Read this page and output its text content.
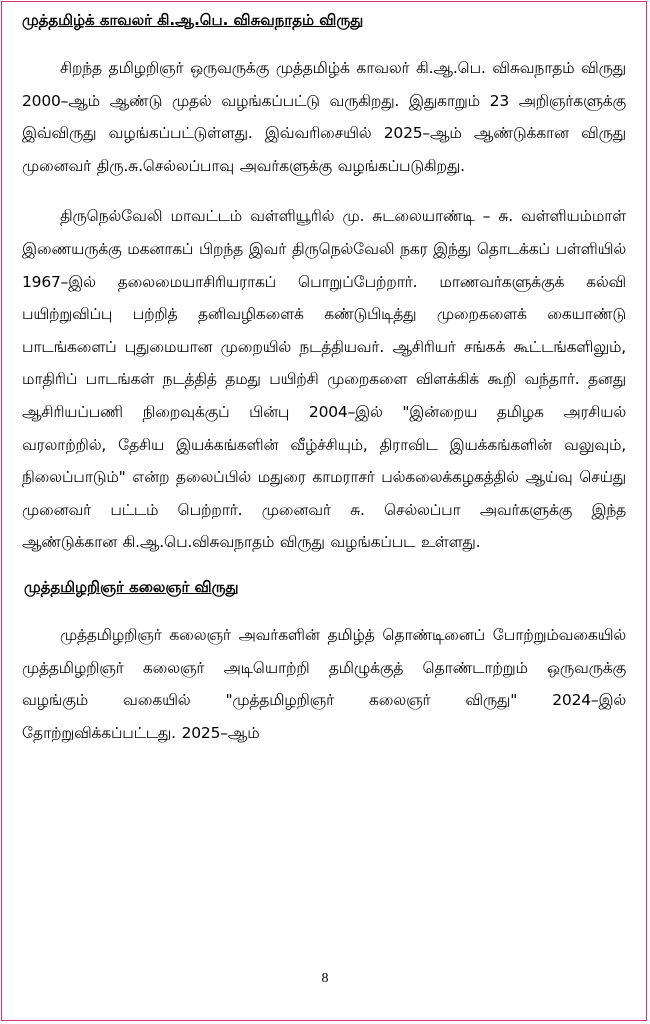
முத்தமிழ்க் காவலர் கி.ஆ.பெ. விசுவநாதம் விருது

சிறந்த தமிழறிஞர் ஒருவருக்கு முத்தமிழ்க் காவலர் கி.ஆ.பெ. விசுவநாதம் விருது 2000–ஆம் ஆண்டு முதல் வழங்கப்பட்டு வருகிறது. இதுகாறும் 23 அறிஞர்களுக்கு இவ்விருது வழங்கப்பட்டுள்ளது. இவ்வரிசையில் 2025–ஆம் ஆண்டுக்கான விருது முனைவர் திரு.சு.செல்லப்பாவு அவர்களுக்கு வழங்கப்படுகிறது.

திருநெல்வேலி மாவட்டம் வள்ளியூரில் மு. சுடலையாண்டி – சு. வள்ளியம்மாள் இணையருக்கு மகனாகப் பிறந்த இவர் திருநெல்வேலி நகர இந்து தொடக்கப் பள்ளியில் 1967–இல் தலைமையாசிரியராகப் பொறுப்பேற்றார். மாணவர்களுக்குக் கல்வி பயிற்றுவிப்பு பற்றித் தனிவழிகளைக் கண்டுபிடித்து முறைகளைக் கையாண்டு பாடங்களைப் புதுமையான முறையில் நடத்தியவர். ஆசிரியர் சங்கக் கூட்டங்களிலும், மாதிரிப் பாடங்கள் நடத்தித் தமது பயிற்சி முறைகளை விளக்கிக் கூறி வந்தார். தனது ஆசிரியப்பணி நிறைவுக்குப் பின்பு 2004–இல் "இன்றைய தமிழக அரசியல் வரலாற்றில், தேசிய இயக்கங்களின் வீழ்ச்சியும், திராவிட இயக்கங்களின் வலுவும், நிலைப்பாடும்" என்ற தலைப்பில் மதுரை காமராசர் பல்கலைக்கழகத்தில் ஆய்வு செய்து முனைவர் பட்டம் பெற்றார். முனைவர் சு. செல்லப்பா அவர்களுக்கு இந்த ஆண்டுக்கான கி.ஆ.பெ.விசுவநாதம் விருது வழங்கப்பட உள்ளது.

முத்தமிழறிஞர் கலைஞர் விருது

முத்தமிழறிஞர் கலைஞர் அவர்களின் தமிழ்த் தொண்டினைப் போற்றும்வகையில் முத்தமிழறிஞர் கலைஞர் அடியொற்றி தமிழுக்குத் தொண்டாற்றும் ஒருவருக்கு வழங்கும் வகையில் "முத்தமிழறிஞர் கலைஞர் விருது" 2024–இல் தோற்றுவிக்கப்பட்டது. 2025–ஆம்

8
